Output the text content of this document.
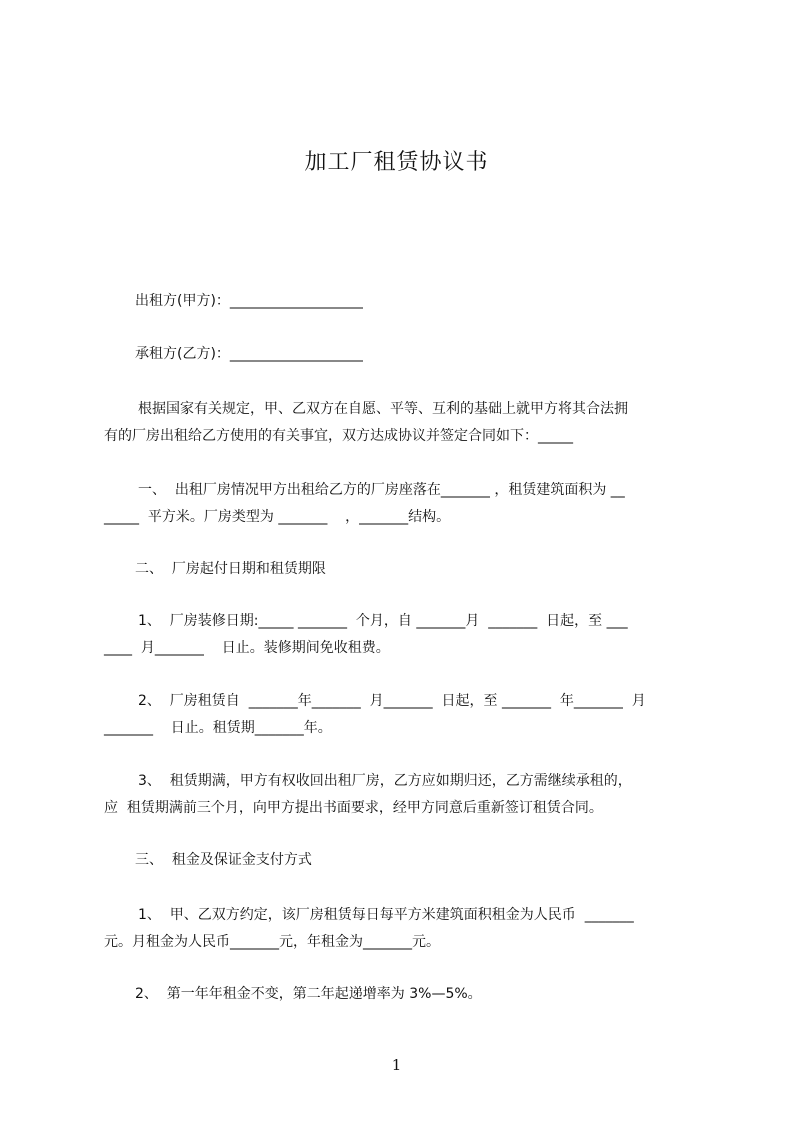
加工厂租赁协议书

出租方(甲方)：___________________

承租方(乙方)：___________________

根据国家有关规定，甲、乙双方在自愿、平等、互利的基础上就甲方将其合法拥

有的厂房出租给乙方使用的有关事宜，双方达成协议并签定合同如下：_____

一、  出租厂房情况甲方出租给乙方的厂房座落在_______ ，租赁建筑面积为 __

_____  平方米。厂房类型为 _______    ，_______结构。

二、  厂房起付日期和租赁期限

1、  厂房装修日期:_____ _______  个月，自 _______月  _______  日起，至 ___

____  月_______    日止。装修期间免收租费。

2、  厂房租赁自  _______年_______  月_______  日起，至 _______  年_______  月

_______    日止。租赁期_______年。

3、  租赁期满，甲方有权收回出租厂房，乙方应如期归还，乙方需继续承租的，

应  租赁期满前三个月，向甲方提出书面要求，经甲方同意后重新签订租赁合同。

三、  租金及保证金支付方式

1、  甲、乙双方约定，该厂房租赁每日每平方米建筑面积租金为人民币  _______

元。月租金为人民币_______元，年租金为_______元。

2、  第一年年租金不变，第二年起递增率为 3%—5%。

1
